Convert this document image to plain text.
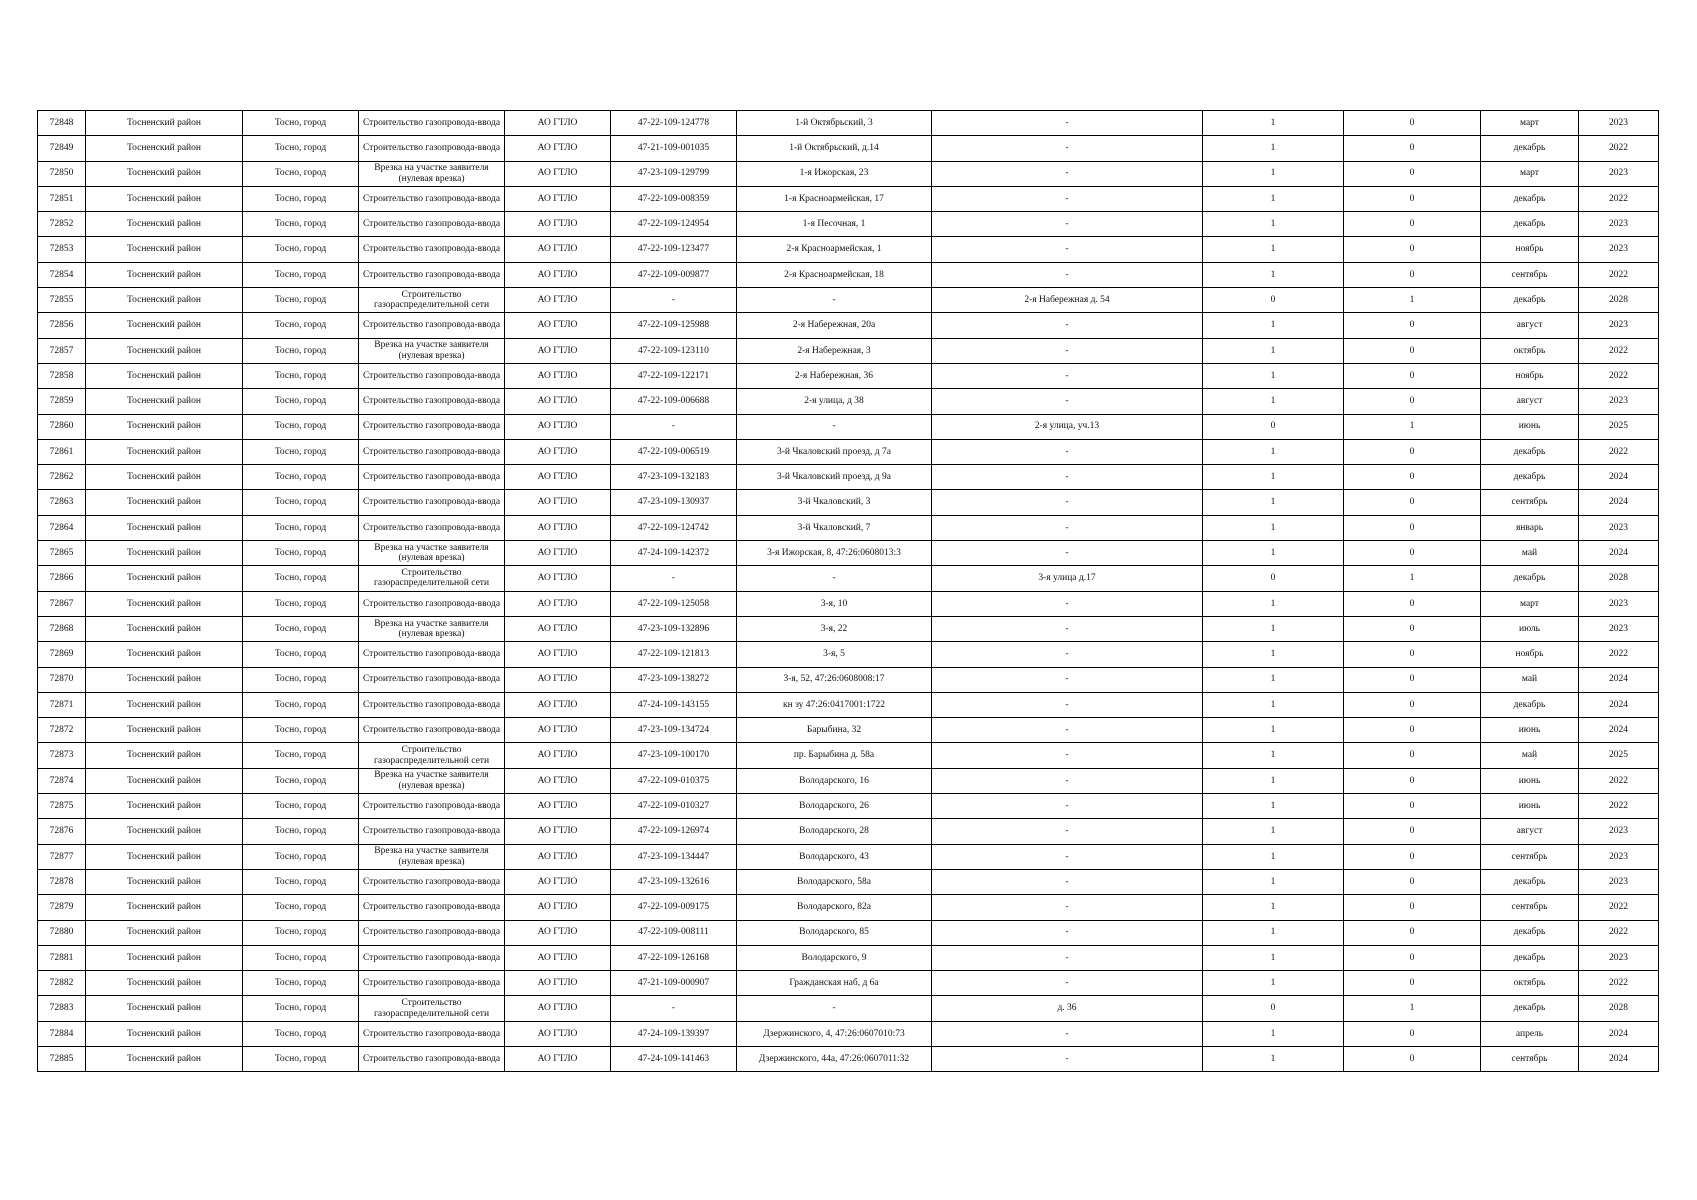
72848	Тосненский район	Тосно, город	Строительство газопровода-ввода	АО ГТЛО	47-22-109-124778	1-й Октябрьский, 3	-	1	0	март	2023
72849	Тосненский район	Тосно, город	Строительство газопровода-ввода	АО ГТЛО	47-21-109-001035	1-й Октябрьский, д.14	-	1	0	декабрь	2022
72850	Тосненский район	Тосно, город	Врезка на участке заявителя (нулевая врезка)	АО ГТЛО	47-23-109-129799	1-я Ижорская, 23	-	1	0	март	2023
72851	Тосненский район	Тосно, город	Строительство газопровода-ввода	АО ГТЛО	47-22-109-008359	1-я Красноармейская, 17	-	1	0	декабрь	2022
72852	Тосненский район	Тосно, город	Строительство газопровода-ввода	АО ГТЛО	47-22-109-124954	1-я Песочная, 1	-	1	0	декабрь	2023
72853	Тосненский район	Тосно, город	Строительство газопровода-ввода	АО ГТЛО	47-22-109-123477	2-я Красноармейская, 1	-	1	0	ноябрь	2023
72854	Тосненский район	Тосно, город	Строительство газопровода-ввода	АО ГТЛО	47-22-109-009877	2-я Красноармейская, 18	-	1	0	сентябрь	2022
72855	Тосненский район	Тосно, город	Строительство газораспределительной сети	АО ГТЛО	-	-	2-я Набережная д. 54	0	1	декабрь	2028
72856	Тосненский район	Тосно, город	Строительство газопровода-ввода	АО ГТЛО	47-22-109-125988	2-я Набережная, 20а	-	1	0	август	2023
72857	Тосненский район	Тосно, город	Врезка на участке заявителя (нулевая врезка)	АО ГТЛО	47-22-109-123110	2-я Набережная, 3	-	1	0	октябрь	2022
72858	Тосненский район	Тосно, город	Строительство газопровода-ввода	АО ГТЛО	47-22-109-122171	2-я Набережная, 36	-	1	0	ноябрь	2022
72859	Тосненский район	Тосно, город	Строительство газопровода-ввода	АО ГТЛО	47-22-109-006688	2-я улица, д 38	-	1	0	август	2023
72860	Тосненский район	Тосно, город	Строительство газопровода-ввода	АО ГТЛО	-	-	2-я улица, уч.13	0	1	июнь	2025
72861	Тосненский район	Тосно, город	Строительство газопровода-ввода	АО ГТЛО	47-22-109-006519	3-й Чкаловский проезд, д 7а	-	1	0	декабрь	2022
72862	Тосненский район	Тосно, город	Строительство газопровода-ввода	АО ГТЛО	47-23-109-132183	3-й Чкаловский проезд, д 9а	-	1	0	декабрь	2024
72863	Тосненский район	Тосно, город	Строительство газопровода-ввода	АО ГТЛО	47-23-109-130937	3-й Чкаловский, 3	-	1	0	сентябрь	2024
72864	Тосненский район	Тосно, город	Строительство газопровода-ввода	АО ГТЛО	47-22-109-124742	3-й Чкаловский, 7	-	1	0	январь	2023
72865	Тосненский район	Тосно, город	Врезка на участке заявителя (нулевая врезка)	АО ГТЛО	47-24-109-142372	3-я Ижорская, 8, 47:26:0608013:3	-	1	0	май	2024
72866	Тосненский район	Тосно, город	Строительство газораспределительной сети	АО ГТЛО	-	-	3-я улица д.17	0	1	декабрь	2028
72867	Тосненский район	Тосно, город	Строительство газопровода-ввода	АО ГТЛО	47-22-109-125058	3-я, 10	-	1	0	март	2023
72868	Тосненский район	Тосно, город	Врезка на участке заявителя (нулевая врезка)	АО ГТЛО	47-23-109-132896	3-я, 22	-	1	0	июль	2023
72869	Тосненский район	Тосно, город	Строительство газопровода-ввода	АО ГТЛО	47-22-109-121813	3-я, 5	-	1	0	ноябрь	2022
72870	Тосненский район	Тосно, город	Строительство газопровода-ввода	АО ГТЛО	47-23-109-138272	3-я, 52, 47:26:0608008:17	-	1	0	май	2024
72871	Тосненский район	Тосно, город	Строительство газопровода-ввода	АО ГТЛО	47-24-109-143155	кн зу 47:26:0417001:1722	-	1	0	декабрь	2024
72872	Тосненский район	Тосно, город	Строительство газопровода-ввода	АО ГТЛО	47-23-109-134724	Барыбина, 32	-	1	0	июнь	2024
72873	Тосненский район	Тосно, город	Строительство газораспределительной сети	АО ГТЛО	47-23-109-100170	пр. Барыбина д. 58а	-	1	0	май	2025
72874	Тосненский район	Тосно, город	Врезка на участке заявителя (нулевая врезка)	АО ГТЛО	47-22-109-010375	Володарского, 16	-	1	0	июнь	2022
72875	Тосненский район	Тосно, город	Строительство газопровода-ввода	АО ГТЛО	47-22-109-010327	Володарского, 26	-	1	0	июнь	2022
72876	Тосненский район	Тосно, город	Строительство газопровода-ввода	АО ГТЛО	47-22-109-126974	Володарского, 28	-	1	0	август	2023
72877	Тосненский район	Тосно, город	Врезка на участке заявителя (нулевая врезка)	АО ГТЛО	47-23-109-134447	Володарского, 43	-	1	0	сентябрь	2023
72878	Тосненский район	Тосно, город	Строительство газопровода-ввода	АО ГТЛО	47-23-109-132616	Володарского, 58а	-	1	0	декабрь	2023
72879	Тосненский район	Тосно, город	Строительство газопровода-ввода	АО ГТЛО	47-22-109-009175	Володарского, 82а	-	1	0	сентябрь	2022
72880	Тосненский район	Тосно, город	Строительство газопровода-ввода	АО ГТЛО	47-22-109-008111	Володарского, 85	-	1	0	декабрь	2022
72881	Тосненский район	Тосно, город	Строительство газопровода-ввода	АО ГТЛО	47-22-109-126168	Володарского, 9	-	1	0	декабрь	2023
72882	Тосненский район	Тосно, город	Строительство газопровода-ввода	АО ГТЛО	47-21-109-000907	Гражданская наб, д 6а	-	1	0	октябрь	2022
72883	Тосненский район	Тосно, город	Строительство газораспределительной сети	АО ГТЛО	-	-	д. 36	0	1	декабрь	2028
72884	Тосненский район	Тосно, город	Строительство газопровода-ввода	АО ГТЛО	47-24-109-139397	Дзержинского, 4, 47:26:0607010:73	-	1	0	апрель	2024
72885	Тосненский район	Тосно, город	Строительство газопровода-ввода	АО ГТЛО	47-24-109-141463	Дзержинского, 44а, 47:26:0607011:32	-	1	0	сентябрь	2024
